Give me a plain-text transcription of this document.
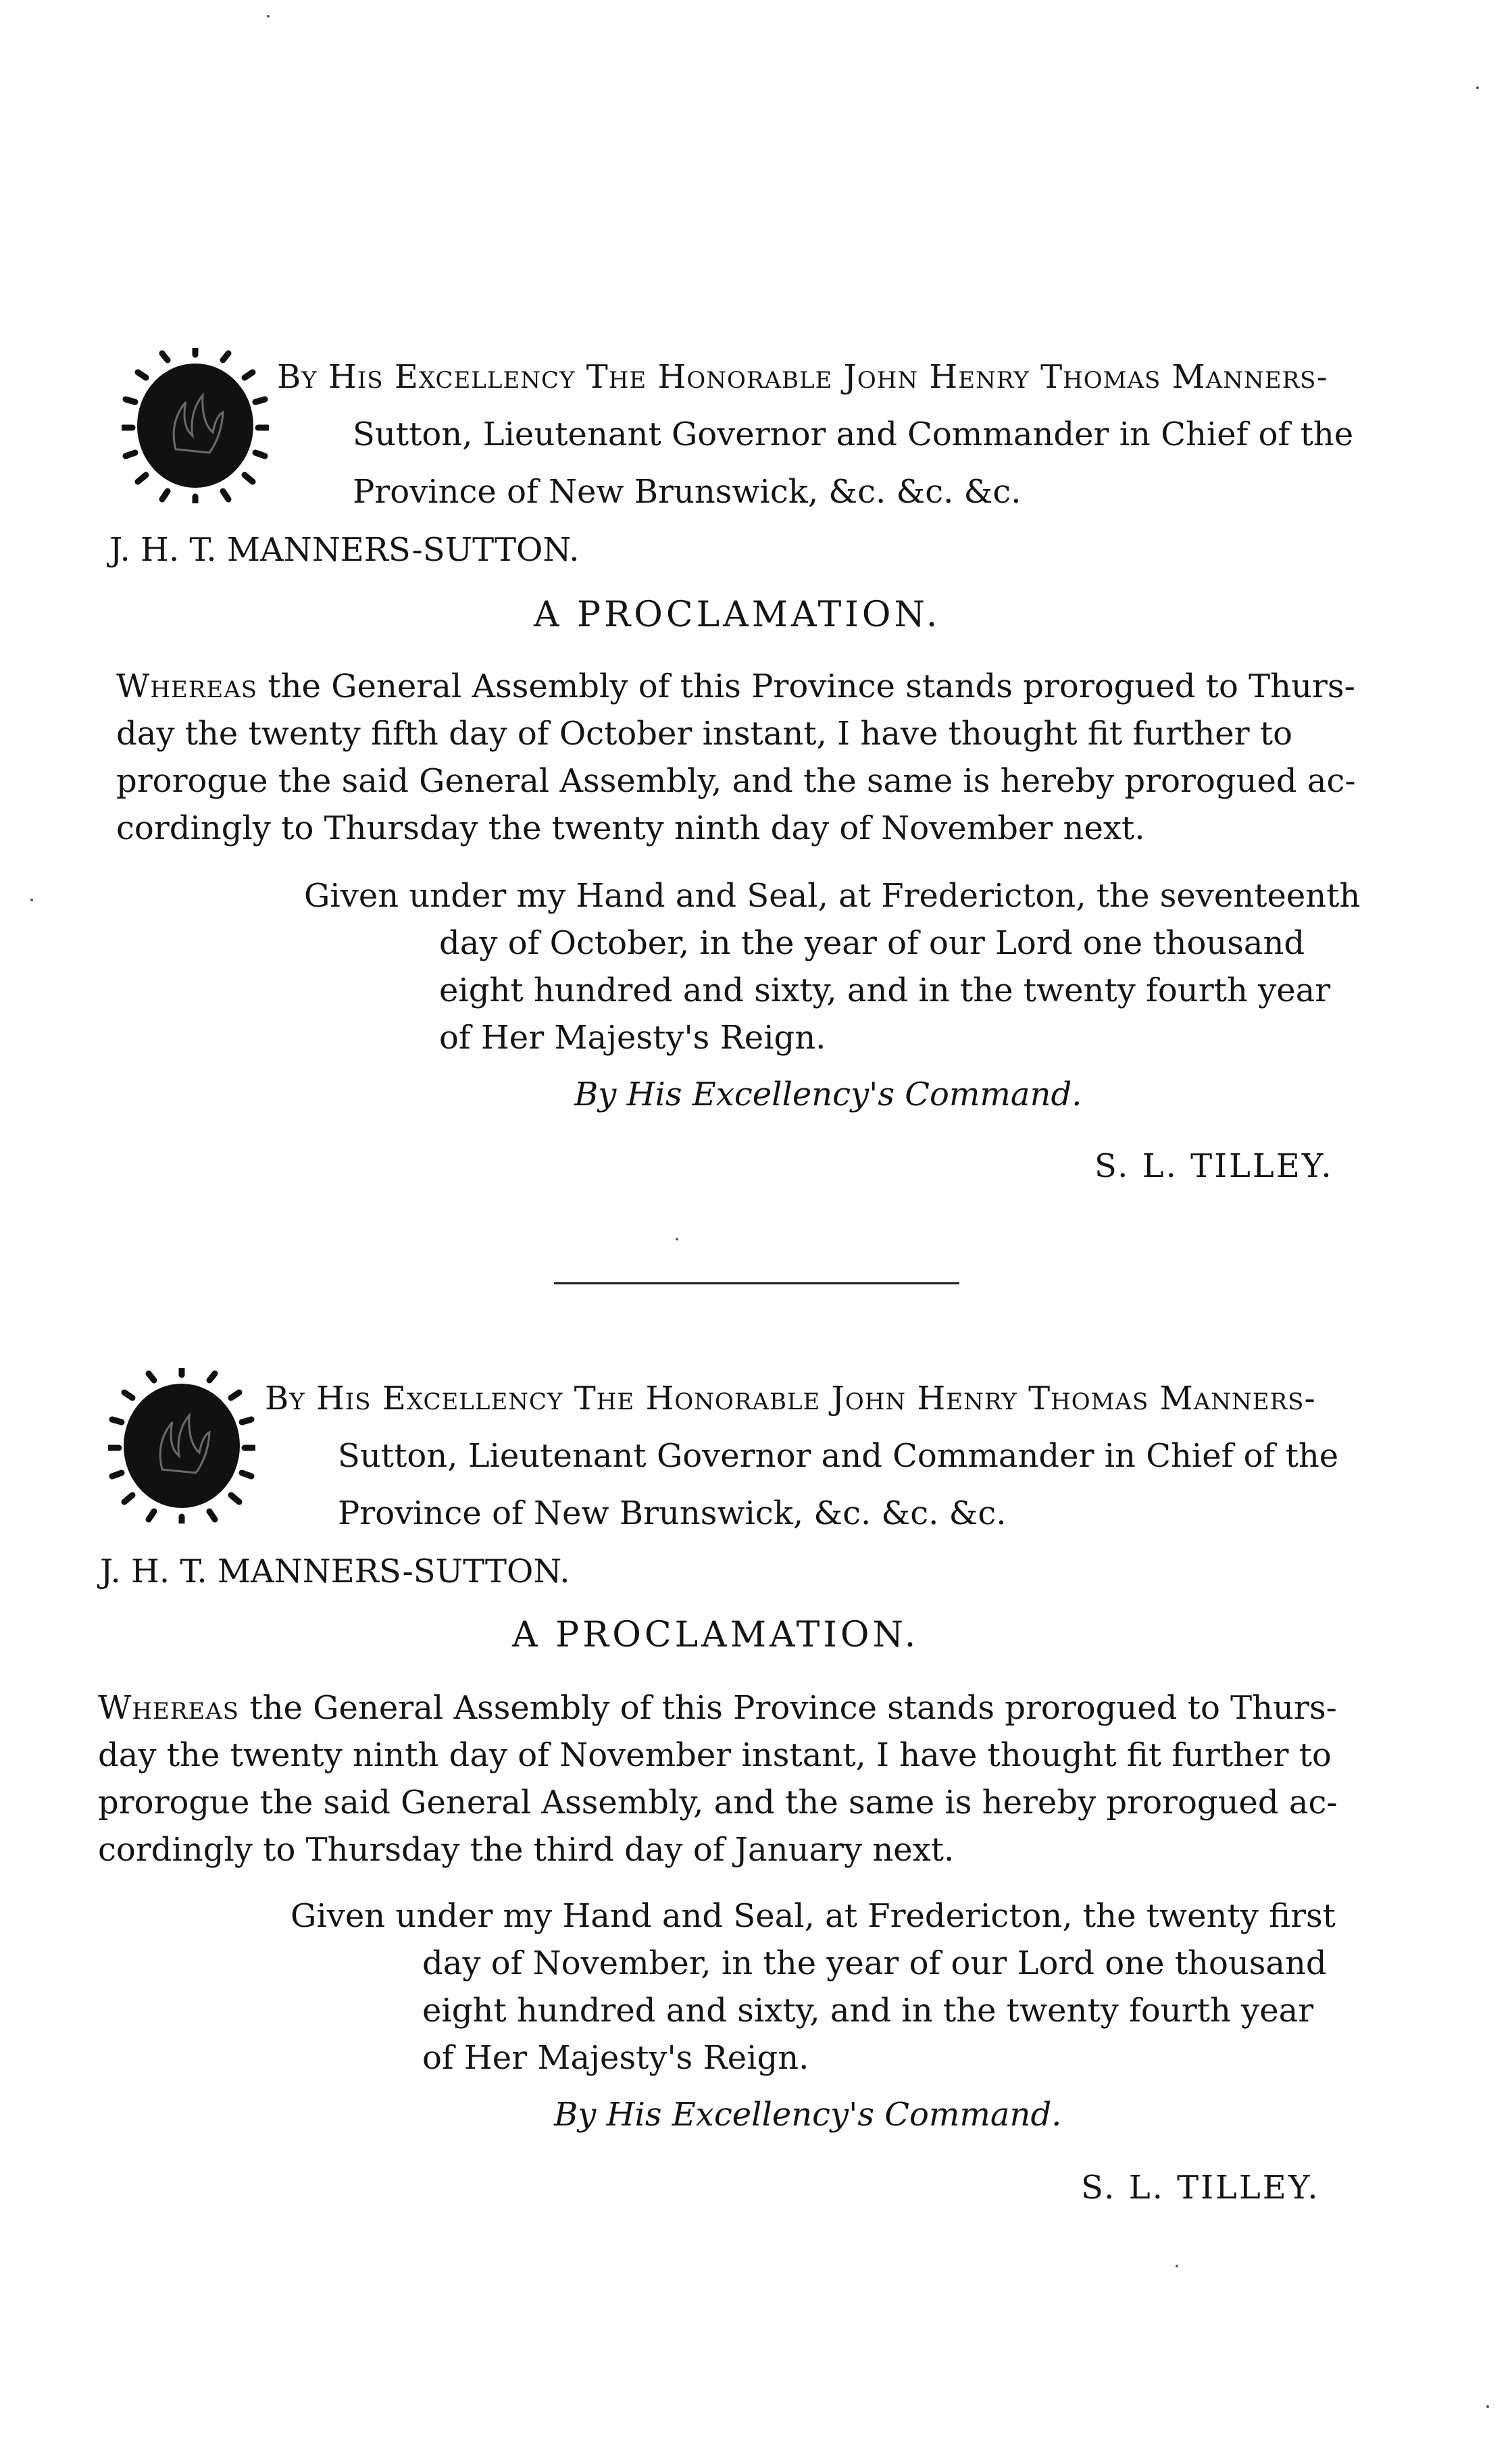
By His Excellency The Honorable John Henry Thomas Manners-
Sutton, Lieutenant Governor and Commander in Chief of the
Province of New Brunswick, &c. &c. &c.
J. H. T. MANNERS-SUTTON.
A PROCLAMATION.
Whereas the General Assembly of this Province stands prorogued to Thurs-
day the twenty fifth day of October instant, I have thought fit further to
prorogue the said General Assembly, and the same is hereby prorogued ac-
cordingly to Thursday the twenty ninth day of November next.
Given under my Hand and Seal, at Fredericton, the seventeenth
day of October, in the year of our Lord one thousand
eight hundred and sixty, and in the twenty fourth year
of Her Majesty's Reign.
By His Excellency's Command.
S. L. TILLEY.
By His Excellency The Honorable John Henry Thomas Manners-
Sutton, Lieutenant Governor and Commander in Chief of the
Province of New Brunswick, &c. &c. &c.
J. H. T. MANNERS-SUTTON.
A PROCLAMATION.
Whereas the General Assembly of this Province stands prorogued to Thurs-
day the twenty ninth day of November instant, I have thought fit further to
prorogue the said General Assembly, and the same is hereby prorogued ac-
cordingly to Thursday the third day of January next.
Given under my Hand and Seal, at Fredericton, the twenty first
day of November, in the year of our Lord one thousand
eight hundred and sixty, and in the twenty fourth year
of Her Majesty's Reign.
By His Excellency's Command.
S. L. TILLEY.
